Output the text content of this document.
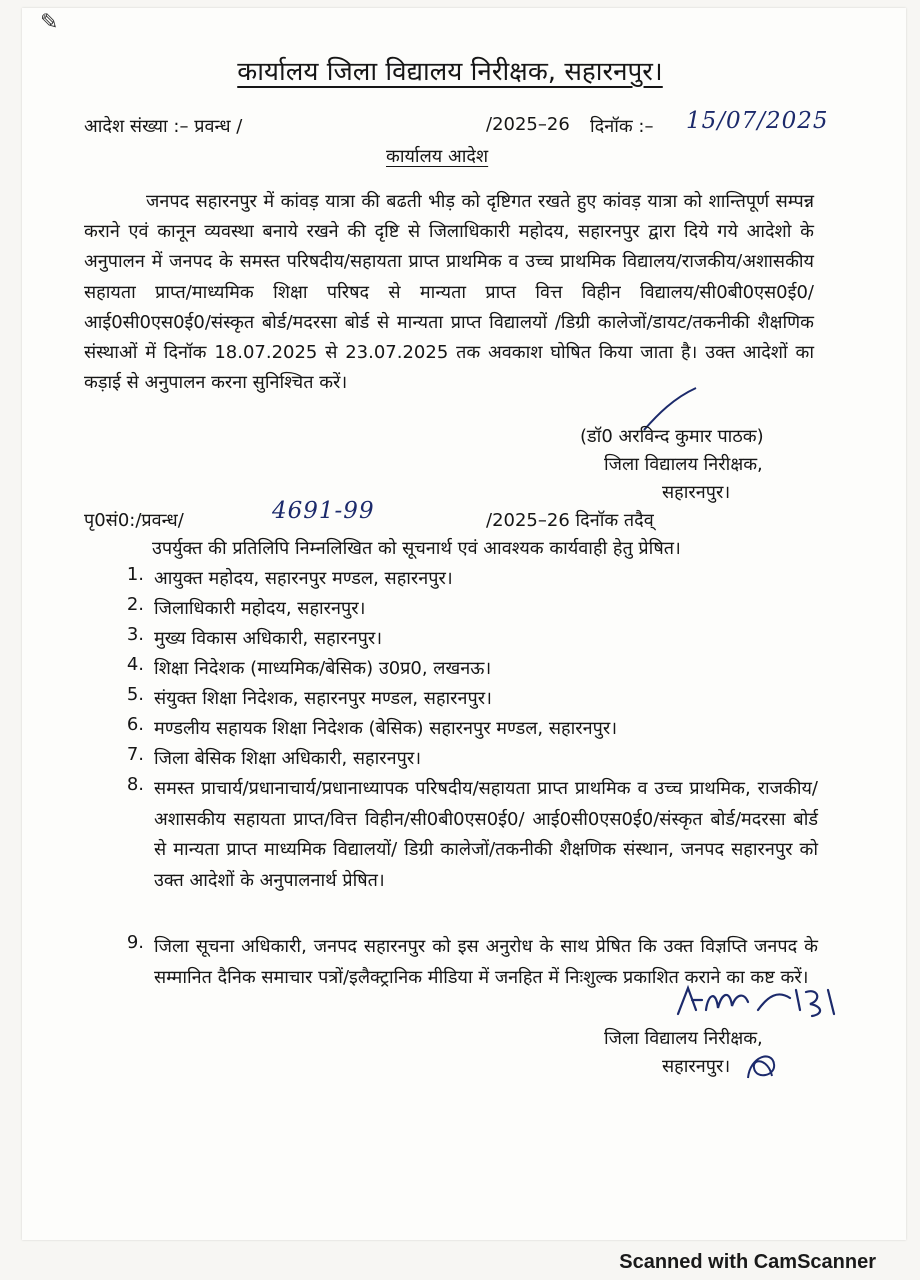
✎
कार्यालय जिला विद्यालय निरीक्षक, सहारनपुर।
आदेश संख्या :– प्रवन्ध /	/2025–26 दिनॉक :– 15/07/2025
कार्यालय आदेश
जनपद सहारनपुर में कांवड़ यात्रा की बढती भीड़ को दृष्टिगत रखते हुए कांवड़ यात्रा को शान्तिपूर्ण सम्पन्न कराने एवं कानून व्यवस्था बनाये रखने की दृष्टि से जिलाधिकारी महोदय, सहारनपुर द्वारा दिये गये आदेशो के अनुपालन में जनपद के समस्त परिषदीय/सहायता प्राप्त प्राथमिक व उच्च प्राथमिक विद्यालय/राजकीय/अशासकीय सहायता प्राप्त/माध्यमिक शिक्षा परिषद से मान्यता प्राप्त वित्त विहीन विद्यालय/सी0बी0एस0ई0/आई0सी0एस0ई0/संस्कृत बोर्ड/मदरसा बोर्ड से मान्यता प्राप्त विद्यालयों /डिग्री कालेजों/डायट/तकनीकी शैक्षणिक संस्थाओं में दिनॉक 18.07.2025 से 23.07.2025 तक अवकाश घोषित किया जाता है। उक्त आदेशों का कड़ाई से अनुपालन करना सुनिश्चित करें।
(डॉ0 अरविन्द कुमार पाठक)
जिला विद्यालय निरीक्षक,
सहारनपुर।
पृ0सं0:/प्रवन्ध/	4691-99	/2025–26 दिनॉक तदैव्
उपर्युक्त की प्रतिलिपि निम्नलिखित को सूचनार्थ एवं आवश्यक कार्यवाही हेतु प्रेषित।
1. आयुक्त महोदय, सहारनपुर मण्डल, सहारनपुर।
2. जिलाधिकारी महोदय, सहारनपुर।
3. मुख्य विकास अधिकारी, सहारनपुर।
4. शिक्षा निदेशक (माध्यमिक/बेसिक) उ0प्र0, लखनऊ।
5. संयुक्त शिक्षा निदेशक, सहारनपुर मण्डल, सहारनपुर।
6. मण्डलीय सहायक शिक्षा निदेशक (बेसिक) सहारनपुर मण्डल, सहारनपुर।
7. जिला बेसिक शिक्षा अधिकारी, सहारनपुर।
8. समस्त प्राचार्य/प्रधानाचार्य/प्रधानाध्यापक परिषदीय/सहायता प्राप्त प्राथमिक व उच्च प्राथमिक, राजकीय/अशासकीय सहायता प्राप्त/वित्त विहीन/सी0बी0एस0ई0/ आई0सी0एस0ई0/संस्कृत बोर्ड/मदरसा बोर्ड से मान्यता प्राप्त माध्यमिक विद्यालयों/ डिग्री कालेजों/तकनीकी शैक्षणिक संस्थान, जनपद सहारनपुर को उक्त आदेशों के अनुपालनार्थ प्रेषित।
9. जिला सूचना अधिकारी, जनपद सहारनपुर को इस अनुरोध के साथ प्रेषित कि उक्त विज्ञप्ति जनपद के सम्मानित दैनिक समाचार पत्रों/इलैक्ट्रानिक मीडिया में जनहित में निःशुल्क प्रकाशित कराने का कष्ट करें।
जिला विद्यालय निरीक्षक,
सहारनपुर।
Scanned with CamScanner
